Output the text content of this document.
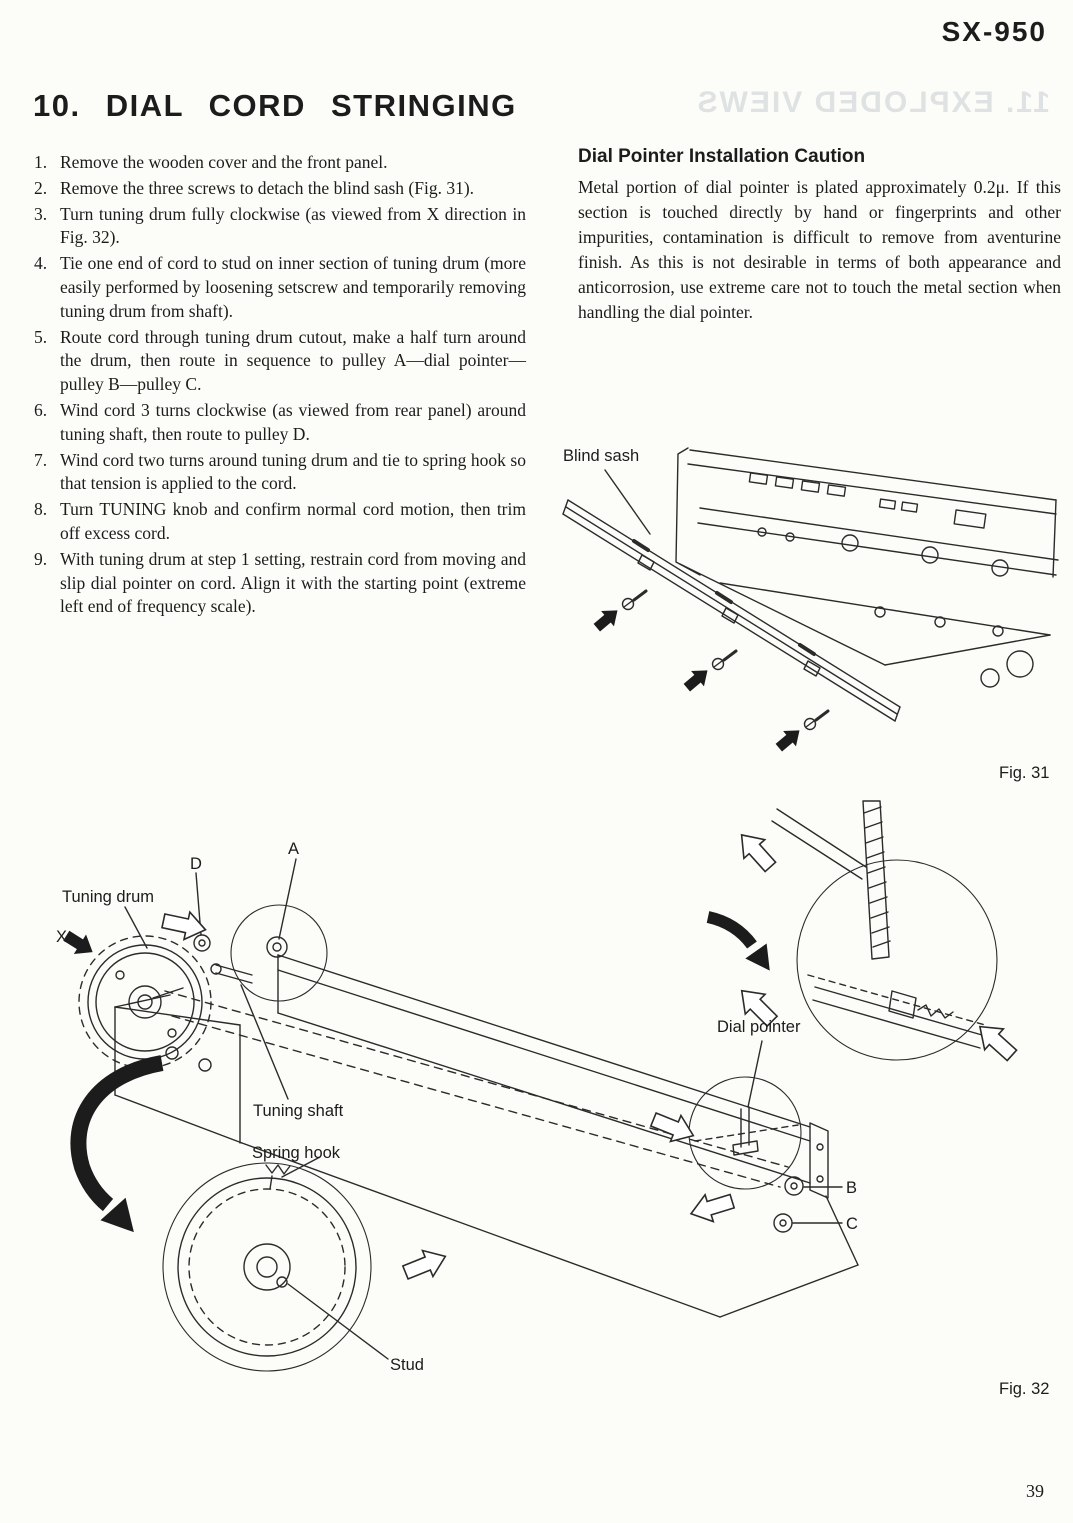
SX-950
11. EXPLODED VIEWS
10. DIAL CORD STRINGING
Remove the wooden cover and the front panel.
Remove the three screws to detach the blind sash (Fig. 31).
Turn tuning drum fully clockwise (as viewed from X direction in Fig. 32).
Tie one end of cord to stud on inner section of tuning drum (more easily performed by loosening setscrew and temporarily removing tuning drum from shaft).
Route cord through tuning drum cutout, make a half turn around the drum, then route in sequence to pulley A—dial pointer—pulley B—pulley C.
Wind cord 3 turns clockwise (as viewed from rear panel) around tuning shaft, then route to pulley D.
Wind cord two turns around tuning drum and tie to spring hook so that tension is applied to the cord.
Turn TUNING knob and confirm normal cord motion, then trim off excess cord.
With tuning drum at step 1 setting, restrain cord from moving and slip dial pointer on cord. Align it with the starting point (extreme left end of frequency scale).
Dial Pointer Installation Caution

Metal portion of dial pointer is plated approximately 0.2μ. If this section is touched directly by hand or fingerprints and other impurities, contamination is difficult to remove from aventurine finish. As this is not desirable in terms of both appearance and anticorrosion, use extreme care not to touch the metal section when handling the dial pointer.

Blind sash
Fig. 31
Tuning drum
X
D
A
Tuning shaft
Spring hook
Stud
Dial pointer
B
C
Fig. 32
39
